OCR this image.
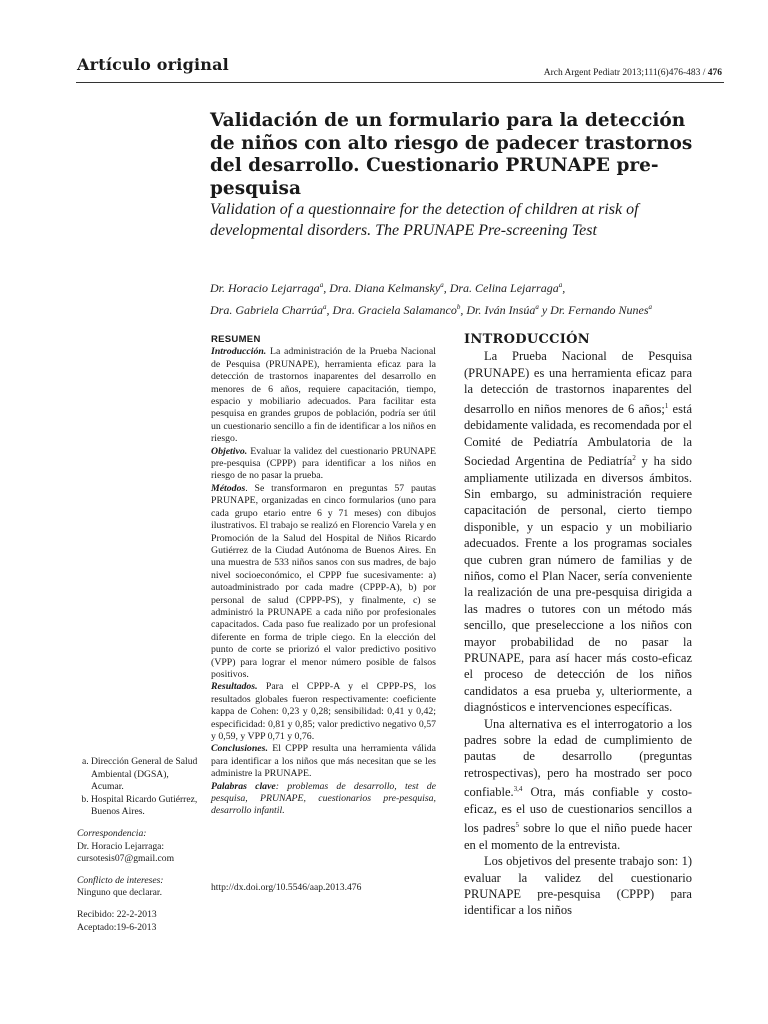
Artículo original	Arch Argent Pediatr 2013;111(6)476-483 / 476
Validación de un formulario para la detección de niños con alto riesgo de padecer trastornos del desarrollo. Cuestionario PRUNAPE pre-pesquisa
Validation of a questionnaire for the detection of children at risk of developmental disorders. The PRUNAPE Pre-screening Test
Dr. Horacio Lejarraga$^a$, Dra. Diana Kelmansky$^a$, Dra. Celina Lejarraga$^a$,
Dra. Gabriela Charrúa$^a$, Dra. Graciela Salamanco$^b$, Dr. Iván Insúa$^a$ y Dr. Fernando Nunes$^a$
RESUMEN

Introducción. La administración de la Prueba Nacional de Pesquisa (PRUNAPE), herramienta eficaz para la detección de trastornos inaparentes del desarrollo en menores de 6 años, requiere capacitación, tiempo, espacio y mobiliario adecuados. Para facilitar esta pesquisa en grandes grupos de población, podría ser útil un cuestionario sencillo a fin de identificar a los niños en riesgo.

Objetivo. Evaluar la validez del cuestionario PRUNAPE pre-pesquisa (CPPP) para identificar a los niños en riesgo de no pasar la prueba.

Métodos. Se transformaron en preguntas 57 pautas PRUNAPE, organizadas en cinco formularios (uno para cada grupo etario entre 6 y 71 meses) con dibujos ilustrativos. El trabajo se realizó en Florencio Varela y en Promoción de la Salud del Hospital de Niños Ricardo Gutiérrez de la Ciudad Autónoma de Buenos Aires. En una muestra de 533 niños sanos con sus madres, de bajo nivel socioeconómico, el CPPP fue sucesivamente: a) autoadministrado por cada madre (CPPP-A), b) por personal de salud (CPPP-PS), y finalmente, c) se administró la PRUNAPE a cada niño por profesionales capacitados. Cada paso fue realizado por un profesional diferente en forma de triple ciego. En la elección del punto de corte se priorizó el valor predictivo positivo (VPP) para lograr el menor número posible de falsos positivos.

Resultados. Para el CPPP-A y el CPPP-PS, los resultados globales fueron respectivamente: coeficiente kappa de Cohen: 0,23 y 0,28; sensibilidad: 0,41 y 0,42; especificidad: 0,81 y 0,85; valor predictivo negativo 0,57 y 0,59, y VPP 0,71 y 0,76.

Conclusiones. El CPPP resulta una herramienta válida para identificar a los niños que más necesitan que se les administre la PRUNAPE.

Palabras clave: problemas de desarrollo, test de pesquisa, PRUNAPE, cuestionarios pre-pesquisa, desarrollo infantil.

http://dx.doi.org/10.5546/aap.2013.476
a. Dirección General de Salud Ambiental (DGSA), Acumar.
b. Hospital Ricardo Gutiérrez, Buenos Aires.
Correspondencia:
Dr. Horacio Lejarraga:
cursotesis07@gmail.com
Conflicto de intereses:
Ninguno que declarar.
Recibido: 22-2-2013
Aceptado:19-6-2013
INTRODUCCIÓN

La Prueba Nacional de Pesquisa (PRUNAPE) es una herramienta eficaz para la detección de trastornos inaparentes del desarrollo en niños menores de 6 años;$^1$ está debidamente validada, es recomendada por el Comité de Pediatría Ambulatoria de la Sociedad Argentina de Pediatría$^2$ y ha sido ampliamente utilizada en diversos ámbitos. Sin embargo, su administración requiere capacitación de personal, cierto tiempo disponible, y un espacio y un mobiliario adecuados. Frente a los programas sociales que cubren gran número de familias y de niños, como el Plan Nacer, sería conveniente la realización de una pre-pesquisa dirigida a las madres o tutores con un método más sencillo, que preseleccione a los niños con mayor probabilidad de no pasar la PRUNAPE, para así hacer más costo-eficaz el proceso de detección de los niños candidatos a esa prueba y, ulteriormente, a diagnósticos e intervenciones específicas.

Una alternativa es el interrogatorio a los padres sobre la edad de cumplimiento de pautas de desarrollo (preguntas retrospectivas), pero ha mostrado ser poco confiable.$^{3,4}$ Otra, más confiable y costo-eficaz, es el uso de cuestionarios sencillos a los padres$^5$ sobre lo que el niño puede hacer en el momento de la entrevista.

Los objetivos del presente trabajo son: 1) evaluar la validez del cuestionario PRUNAPE pre-pesquisa (CPPP) para identificar a los niños
